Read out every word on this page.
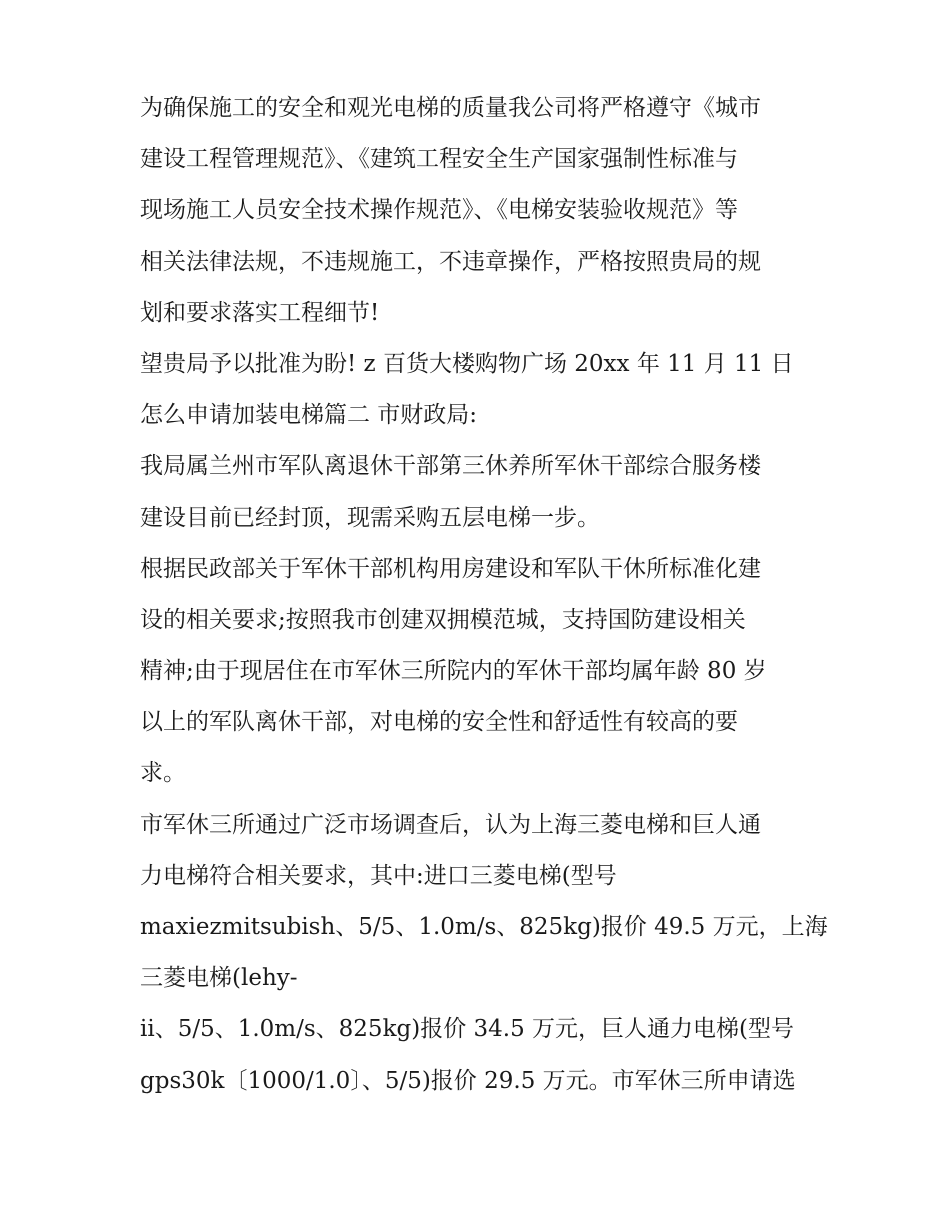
为确保施工的安全和观光电梯的质量我公司将严格遵守《城市
建设工程管理规范》、《建筑工程安全生产国家强制性标准与
现场施工人员安全技术操作规范》、《电梯安装验收规范》等
相关法律法规，不违规施工，不违章操作，严格按照贵局的规
划和要求落实工程细节!
望贵局予以批准为盼! z 百货大楼购物广场 20xx 年 11 月 11 日
怎么申请加装电梯篇二 市财政局:
我局属兰州市军队离退休干部第三休养所军休干部综合服务楼
建设目前已经封顶，现需采购五层电梯一步。
根据民政部关于军休干部机构用房建设和军队干休所标准化建
设的相关要求;按照我市创建双拥模范城，支持国防建设相关
精神;由于现居住在市军休三所院内的军休干部均属年龄 80 岁
以上的军队离休干部，对电梯的安全性和舒适性有较高的要
求。
市军休三所通过广泛市场调查后，认为上海三菱电梯和巨人通
力电梯符合相关要求，其中:进口三菱电梯(型号
maxiezmitsubish、5/5、1.0m/s、825kg)报价 49.5 万元，上海
三菱电梯(lehy-
ii、5/5、1.0m/s、825kg)报价 34.5 万元，巨人通力电梯(型号
gps30k〔1000/1.0〕、5/5)报价 29.5 万元。市军休三所申请选
